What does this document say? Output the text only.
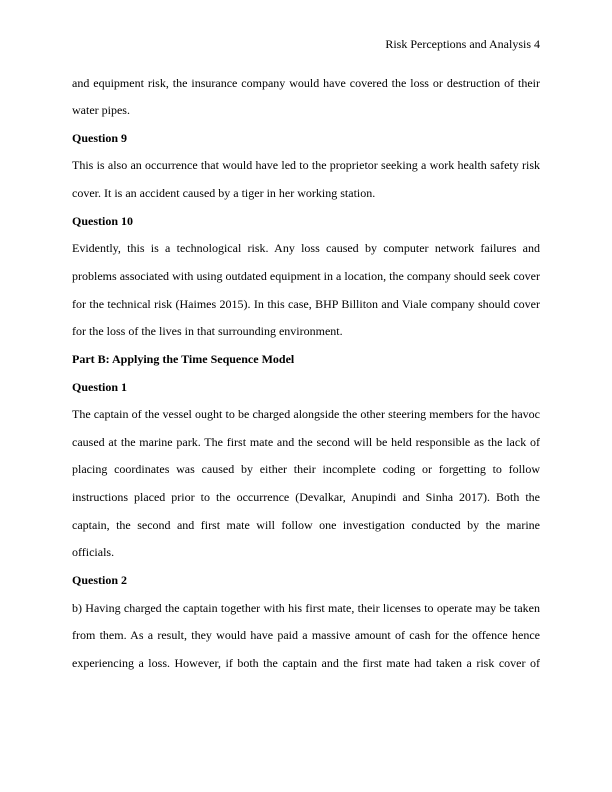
Risk Perceptions and Analysis 4
and equipment risk, the insurance company would have covered the loss or destruction of their
water pipes.
Question 9
This is also an occurrence that would have led to the proprietor seeking a work health safety risk
cover. It is an accident caused by a tiger in her working station.
Question 10
Evidently, this is a technological risk. Any loss caused by computer network failures and
problems associated with using outdated equipment in a location, the company should seek cover
for the technical risk (Haimes 2015). In this case, BHP Billiton and Viale company should cover
for the loss of the lives in that surrounding environment.
Part B: Applying the Time Sequence Model
Question 1
The captain of the vessel ought to be charged alongside the other steering members for the havoc
caused at the marine park. The first mate and the second will be held responsible as the lack of
placing coordinates was caused by either their incomplete coding or forgetting to follow
instructions placed prior to the occurrence (Devalkar, Anupindi and Sinha 2017). Both the
captain, the second and first mate will follow one investigation conducted by the marine
officials.
Question 2
b) Having charged the captain together with his first mate, their licenses to operate may be taken
from them. As a result, they would have paid a massive amount of cash for the offence hence
experiencing a loss. However, if both the captain and the first mate had taken a risk cover of
